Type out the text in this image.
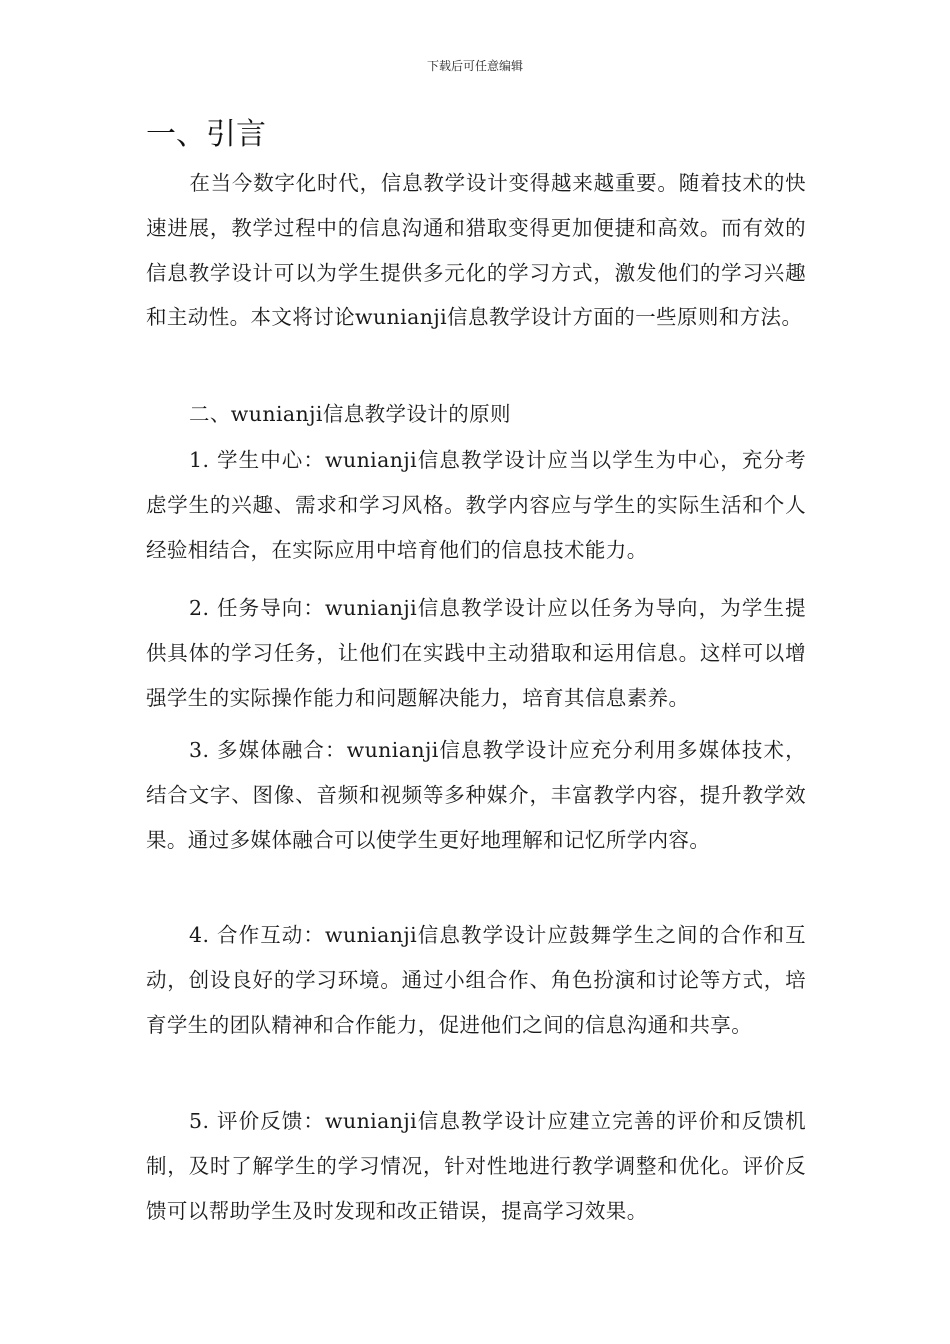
下载后可任意编辑
一、引言

在当今数字化时代，信息教学设计变得越来越重要。随着技术的快速进展，教学过程中的信息沟通和猎取变得更加便捷和高效。而有效的信息教学设计可以为学生提供多元化的学习方式，激发他们的学习兴趣和主动性。本文将讨论wunianji信息教学设计方面的一些原则和方法。

二、wunianji信息教学设计的原则

1. 学生中心：wunianji信息教学设计应当以学生为中心，充分考虑学生的兴趣、需求和学习风格。教学内容应与学生的实际生活和个人经验相结合，在实际应用中培育他们的信息技术能力。

2. 任务导向：wunianji信息教学设计应以任务为导向，为学生提供具体的学习任务，让他们在实践中主动猎取和运用信息。这样可以增强学生的实际操作能力和问题解决能力，培育其信息素养。

3. 多媒体融合：wunianji信息教学设计应充分利用多媒体技术，结合文字、图像、音频和视频等多种媒介，丰富教学内容，提升教学效果。通过多媒体融合可以使学生更好地理解和记忆所学内容。

4. 合作互动：wunianji信息教学设计应鼓舞学生之间的合作和互动，创设良好的学习环境。通过小组合作、角色扮演和讨论等方式，培育学生的团队精神和合作能力，促进他们之间的信息沟通和共享。

5. 评价反馈：wunianji信息教学设计应建立完善的评价和反馈机制，及时了解学生的学习情况，针对性地进行教学调整和优化。评价反馈可以帮助学生及时发现和改正错误，提高学习效果。
